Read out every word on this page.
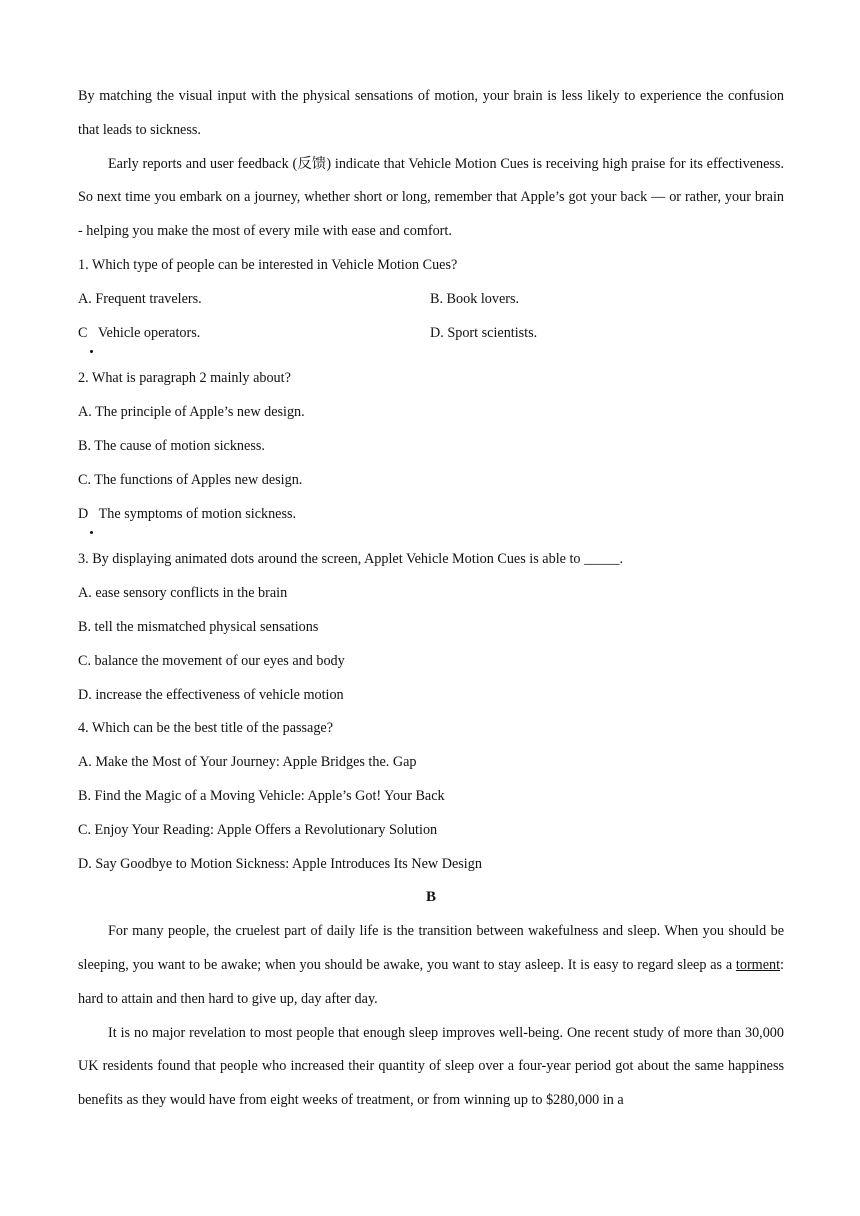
By matching the visual input with the physical sensations of motion, your brain is less likely to experience the confusion that leads to sickness.

Early reports and user feedback (反馈) indicate that Vehicle Motion Cues is receiving high praise for its effectiveness. So next time you embark on a journey, whether short or long, remember that Apple’s got your back — or rather, your brain - helping you make the most of every mile with ease and comfort.

1. Which type of people can be interested in Vehicle Motion Cues?

A. Frequent travelers.	B. Book lovers.
C   Vehicle operators.	D. Sport scientists.

2. What is paragraph 2 mainly about?

A. The principle of Apple’s new design.

B. The cause of motion sickness.

C. The functions of Apples new design.

D   The symptoms of motion sickness.

3. By displaying animated dots around the screen, Applet Vehicle Motion Cues is able to _____.

A. ease sensory conflicts in the brain

B. tell the mismatched physical sensations

C. balance the movement of our eyes and body

D. increase the effectiveness of vehicle motion

4. Which can be the best title of the passage?

A. Make the Most of Your Journey: Apple Bridges the. Gap

B. Find the Magic of a Moving Vehicle: Apple’s Got! Your Back

C. Enjoy Your Reading: Apple Offers a Revolutionary Solution

D. Say Goodbye to Motion Sickness: Apple Introduces Its New Design

B

For many people, the cruelest part of daily life is the transition between wakefulness and sleep. When you should be sleeping, you want to be awake; when you should be awake, you want to stay asleep. It is easy to regard sleep as a torment: hard to attain and then hard to give up, day after day.

It is no major revelation to most people that enough sleep improves well-being. One recent study of more than 30,000 UK residents found that people who increased their quantity of sleep over a four-year period got about the same happiness benefits as they would have from eight weeks of treatment, or from winning up to $280,000 in a
